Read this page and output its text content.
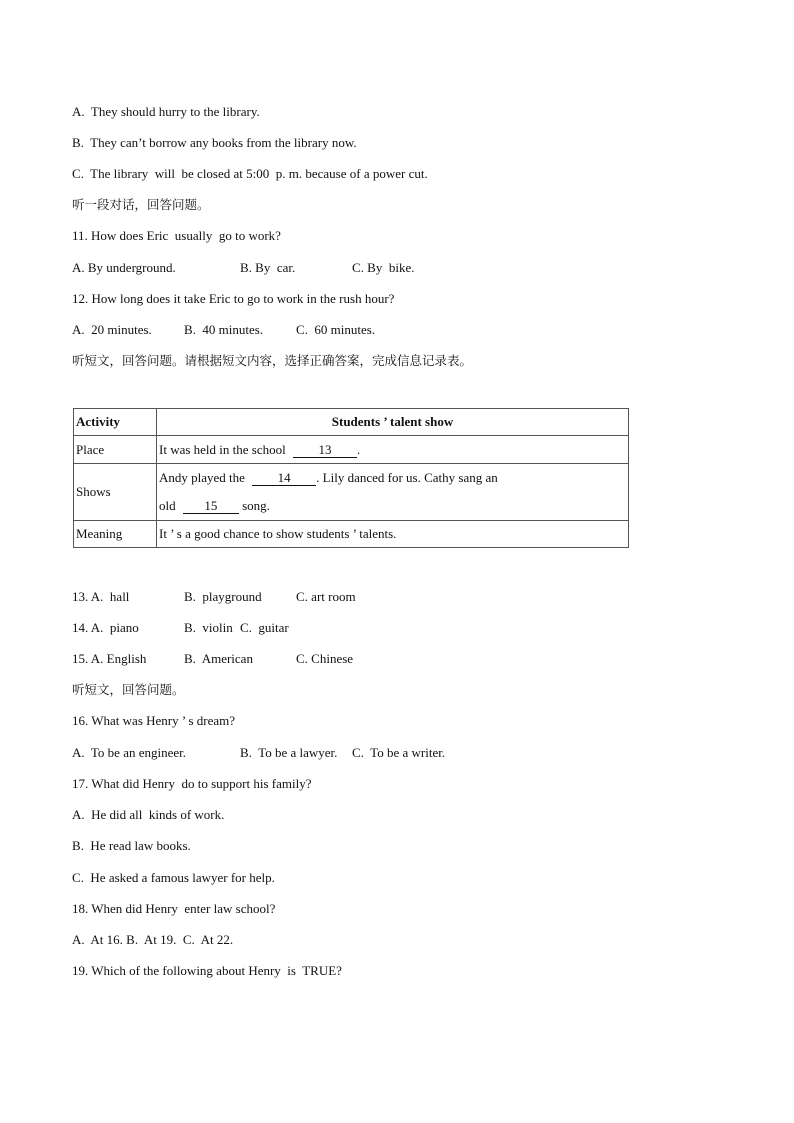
A.  They should hurry to the library.
B.  They can’t borrow any books from the library now.
C.  The library  will  be closed at 5:00  p. m. because of a power cut.
听一段对话，回答问题。
11. How does Eric  usually  go to work?
A. By underground.	B. By  car.	C. By  bike.
12. How long does it take Eric to go to work in the rush hour?
A.  20 minutes. B.  40 minutes.	C.  60 minutes.
听短文，回答问题。请根据短文内容，选择正确答案，完成信息记录表。
Activity	Students ’ talent show
Place	It was held in the school 13 .
Shows	Andy played the 14 . Lily danced for us. Cathy sang an
old 15 song.

Meaning	It ’ s a good chance to show students ’ talents.
13. A.  hall	B.  playground	C. art room
14. A.  piano	B.  violin C.  guitar
15. A. English	B.  American	C. Chinese
听短文，回答问题。
16. What was Henry ’ s dream?
A.  To be an engineer.	B.  To be a lawyer. C.  To be a writer.
17. What did Henry  do to support his family?
A.  He did all  kinds of work.
B.  He read law books.
C.  He asked a famous lawyer for help.
18. When did Henry  enter law school?
A.  At 16. B.  At 19.  C.  At 22.
19. Which of the following about Henry  is  TRUE?
